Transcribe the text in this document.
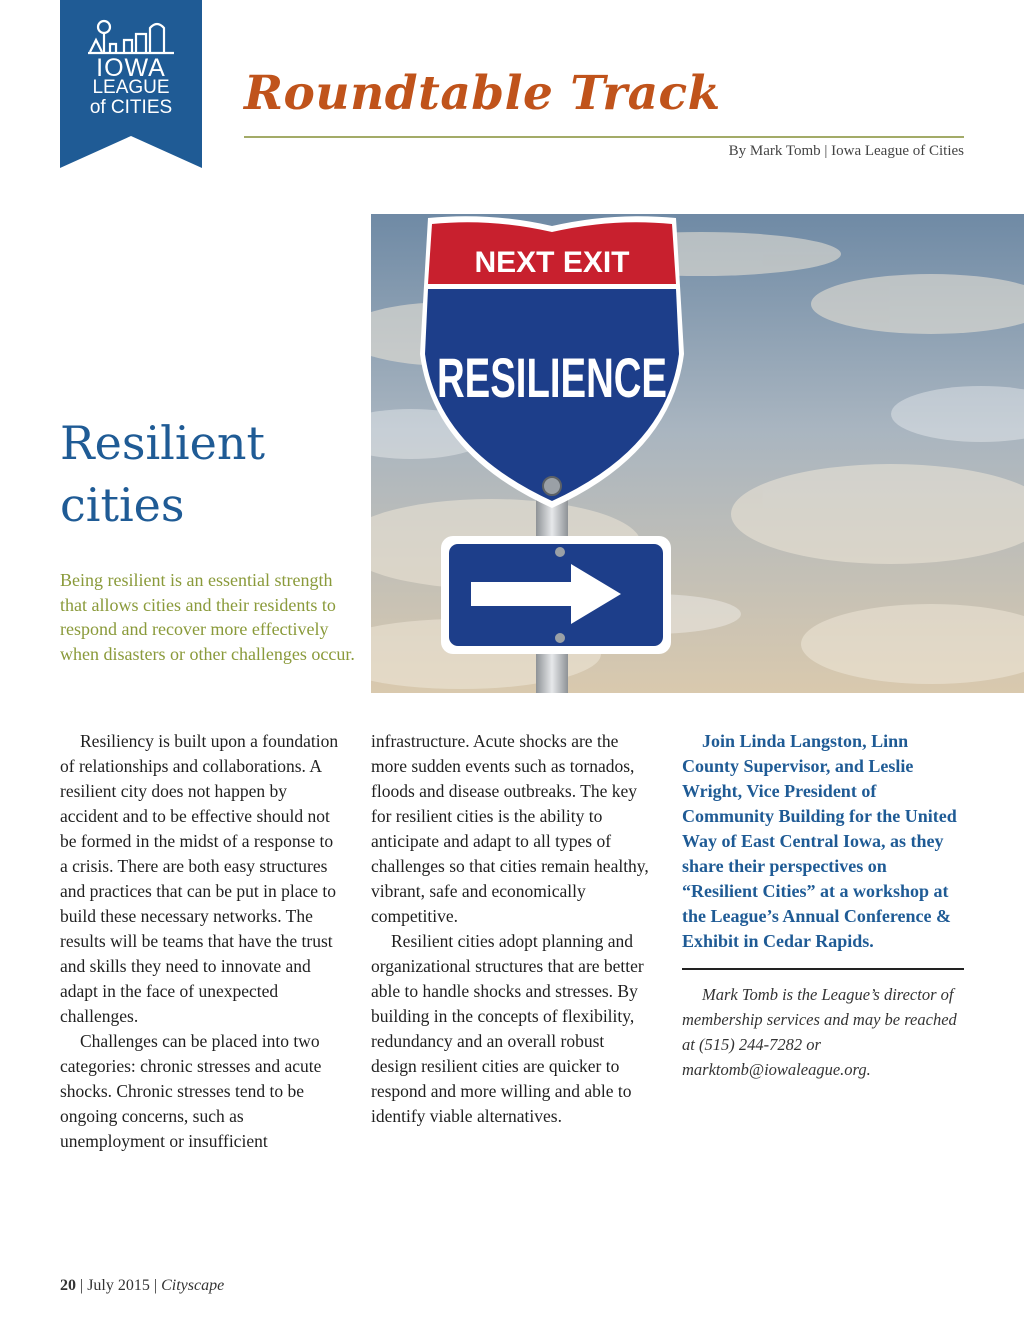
IOWA
LEAGUE
of CITIES	Roundtable Track
By Mark Tomb | Iowa League of Cities
NEXT EXIT
RESILIENCE
Resilient
cities

Being resilient is an essential strength that allows cities and their residents to respond and recover more effectively when disasters or other challenges occur.

Resiliency is built upon a foundation of relationships and collaborations. A resilient city does not happen by accident and to be effective should not be formed in the midst of a response to a crisis. There are both easy structures and practices that can be put in place to build these necessary networks. The results will be teams that have the trust and skills they need to innovate and adapt in the face of unexpected challenges.

Challenges can be placed into two categories: chronic stresses and acute shocks. Chronic stresses tend to be ongoing concerns, such as unemployment or insufficient

infrastructure. Acute shocks are the more sudden events such as tornados, floods and disease outbreaks. The key for resilient cities is the ability to anticipate and adapt to all types of challenges so that cities remain healthy, vibrant, safe and economically competitive.

Resilient cities adopt planning and organizational structures that are better able to handle shocks and stresses. By building in the concepts of flexibility, redundancy and an overall robust design resilient cities are quicker to respond and more willing and able to identify viable alternatives.

Join Linda Langston, Linn County Supervisor, and Leslie Wright, Vice President of Community Building for the United Way of East Central Iowa, as they share their perspectives on “Resilient Cities” at a workshop at the League’s Annual Conference & Exhibit in Cedar Rapids.

Mark Tomb is the League’s director of membership services and may be reached at (515) 244-7282 or marktomb@iowaleague.org.

20 | July 2015 | Cityscape
